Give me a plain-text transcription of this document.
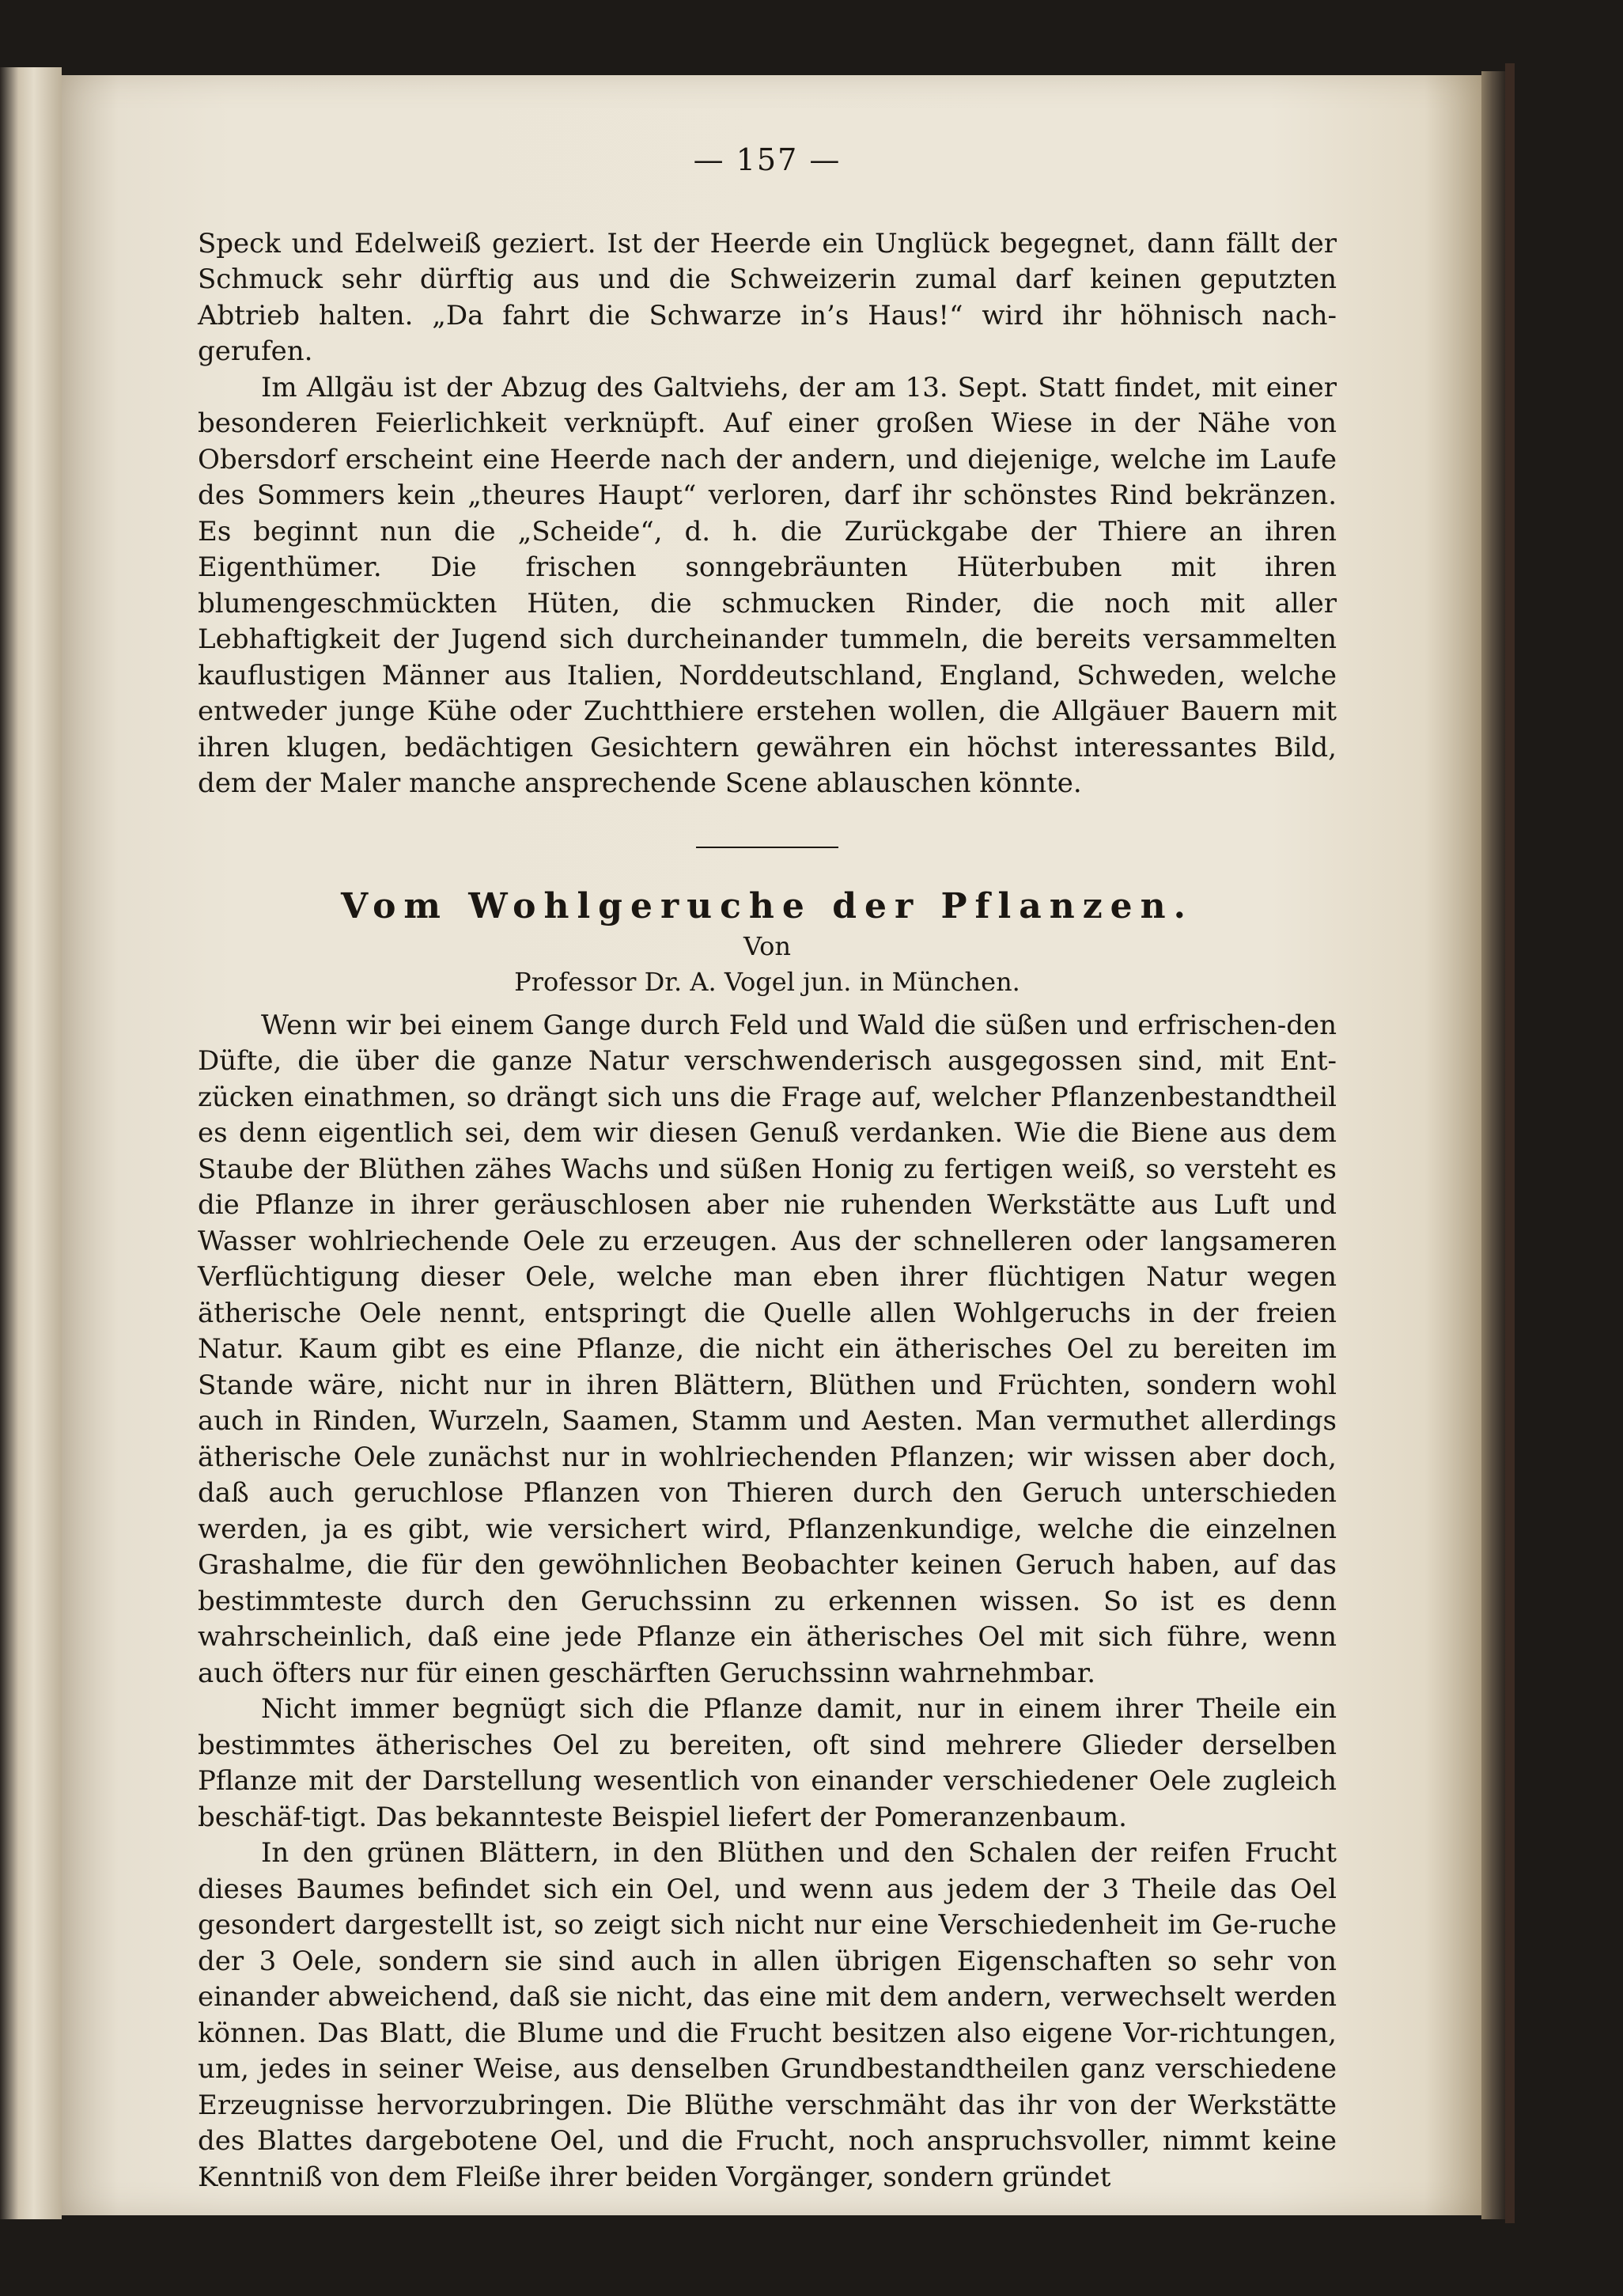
— 157 —

Speck und Edelweiß geziert. Ist der Heerde ein Unglück begegnet, dann fällt der Schmuck sehr dürftig aus und die Schweizerin zumal darf keinen geputzten Abtrieb halten. „Da fahrt die Schwarze in’s Haus!“ wird ihr höhnisch nach-gerufen.

Im Allgäu ist der Abzug des Galtviehs, der am 13. Sept. Statt findet, mit einer besonderen Feierlichkeit verknüpft. Auf einer großen Wiese in der Nähe von Obersdorf erscheint eine Heerde nach der andern, und diejenige, welche im Laufe des Sommers kein „theures Haupt“ verloren, darf ihr schönstes Rind bekränzen. Es beginnt nun die „Scheide“, d. h. die Zurückgabe der Thiere an ihren Eigenthümer. Die frischen sonngebräunten Hüterbuben mit ihren blumengeschmückten Hüten, die schmucken Rinder, die noch mit aller Lebhaftigkeit der Jugend sich durcheinander tummeln, die bereits versammelten kauflustigen Männer aus Italien, Norddeutschland, England, Schweden, welche entweder junge Kühe oder Zuchtthiere erstehen wollen, die Allgäuer Bauern mit ihren klugen, bedächtigen Gesichtern gewähren ein höchst interessantes Bild, dem der Maler manche ansprechende Scene ablauschen könnte.

Vom Wohlgeruche der Pflanzen.
Von
Professor Dr. A. Vogel jun. in München.

Wenn wir bei einem Gange durch Feld und Wald die süßen und erfrischen-den Düfte, die über die ganze Natur verschwenderisch ausgegossen sind, mit Ent-zücken einathmen, so drängt sich uns die Frage auf, welcher Pflanzenbestandtheil es denn eigentlich sei, dem wir diesen Genuß verdanken. Wie die Biene aus dem Staube der Blüthen zähes Wachs und süßen Honig zu fertigen weiß, so versteht es die Pflanze in ihrer geräuschlosen aber nie ruhenden Werkstätte aus Luft und Wasser wohlriechende Oele zu erzeugen. Aus der schnelleren oder langsameren Verflüchtigung dieser Oele, welche man eben ihrer flüchtigen Natur wegen ätherische Oele nennt, entspringt die Quelle allen Wohlgeruchs in der freien Natur. Kaum gibt es eine Pflanze, die nicht ein ätherisches Oel zu bereiten im Stande wäre, nicht nur in ihren Blättern, Blüthen und Früchten, sondern wohl auch in Rinden, Wurzeln, Saamen, Stamm und Aesten. Man vermuthet allerdings ätherische Oele zunächst nur in wohlriechenden Pflanzen; wir wissen aber doch, daß auch geruchlose Pflanzen von Thieren durch den Geruch unterschieden werden, ja es gibt, wie versichert wird, Pflanzenkundige, welche die einzelnen Grashalme, die für den gewöhnlichen Beobachter keinen Geruch haben, auf das bestimmteste durch den Geruchssinn zu erkennen wissen. So ist es denn wahrscheinlich, daß eine jede Pflanze ein ätherisches Oel mit sich führe, wenn auch öfters nur für einen geschärften Geruchssinn wahrnehmbar.

Nicht immer begnügt sich die Pflanze damit, nur in einem ihrer Theile ein bestimmtes ätherisches Oel zu bereiten, oft sind mehrere Glieder derselben Pflanze mit der Darstellung wesentlich von einander verschiedener Oele zugleich beschäf-tigt. Das bekannteste Beispiel liefert der Pomeranzenbaum.

In den grünen Blättern, in den Blüthen und den Schalen der reifen Frucht dieses Baumes befindet sich ein Oel, und wenn aus jedem der 3 Theile das Oel gesondert dargestellt ist, so zeigt sich nicht nur eine Verschiedenheit im Ge-ruche der 3 Oele, sondern sie sind auch in allen übrigen Eigenschaften so sehr von einander abweichend, daß sie nicht, das eine mit dem andern, verwechselt werden können. Das Blatt, die Blume und die Frucht besitzen also eigene Vor-richtungen, um, jedes in seiner Weise, aus denselben Grundbestandtheilen ganz verschiedene Erzeugnisse hervorzubringen. Die Blüthe verschmäht das ihr von der Werkstätte des Blattes dargebotene Oel, und die Frucht, noch anspruchsvoller, nimmt keine Kenntniß von dem Fleiße ihrer beiden Vorgänger, sondern gründet
